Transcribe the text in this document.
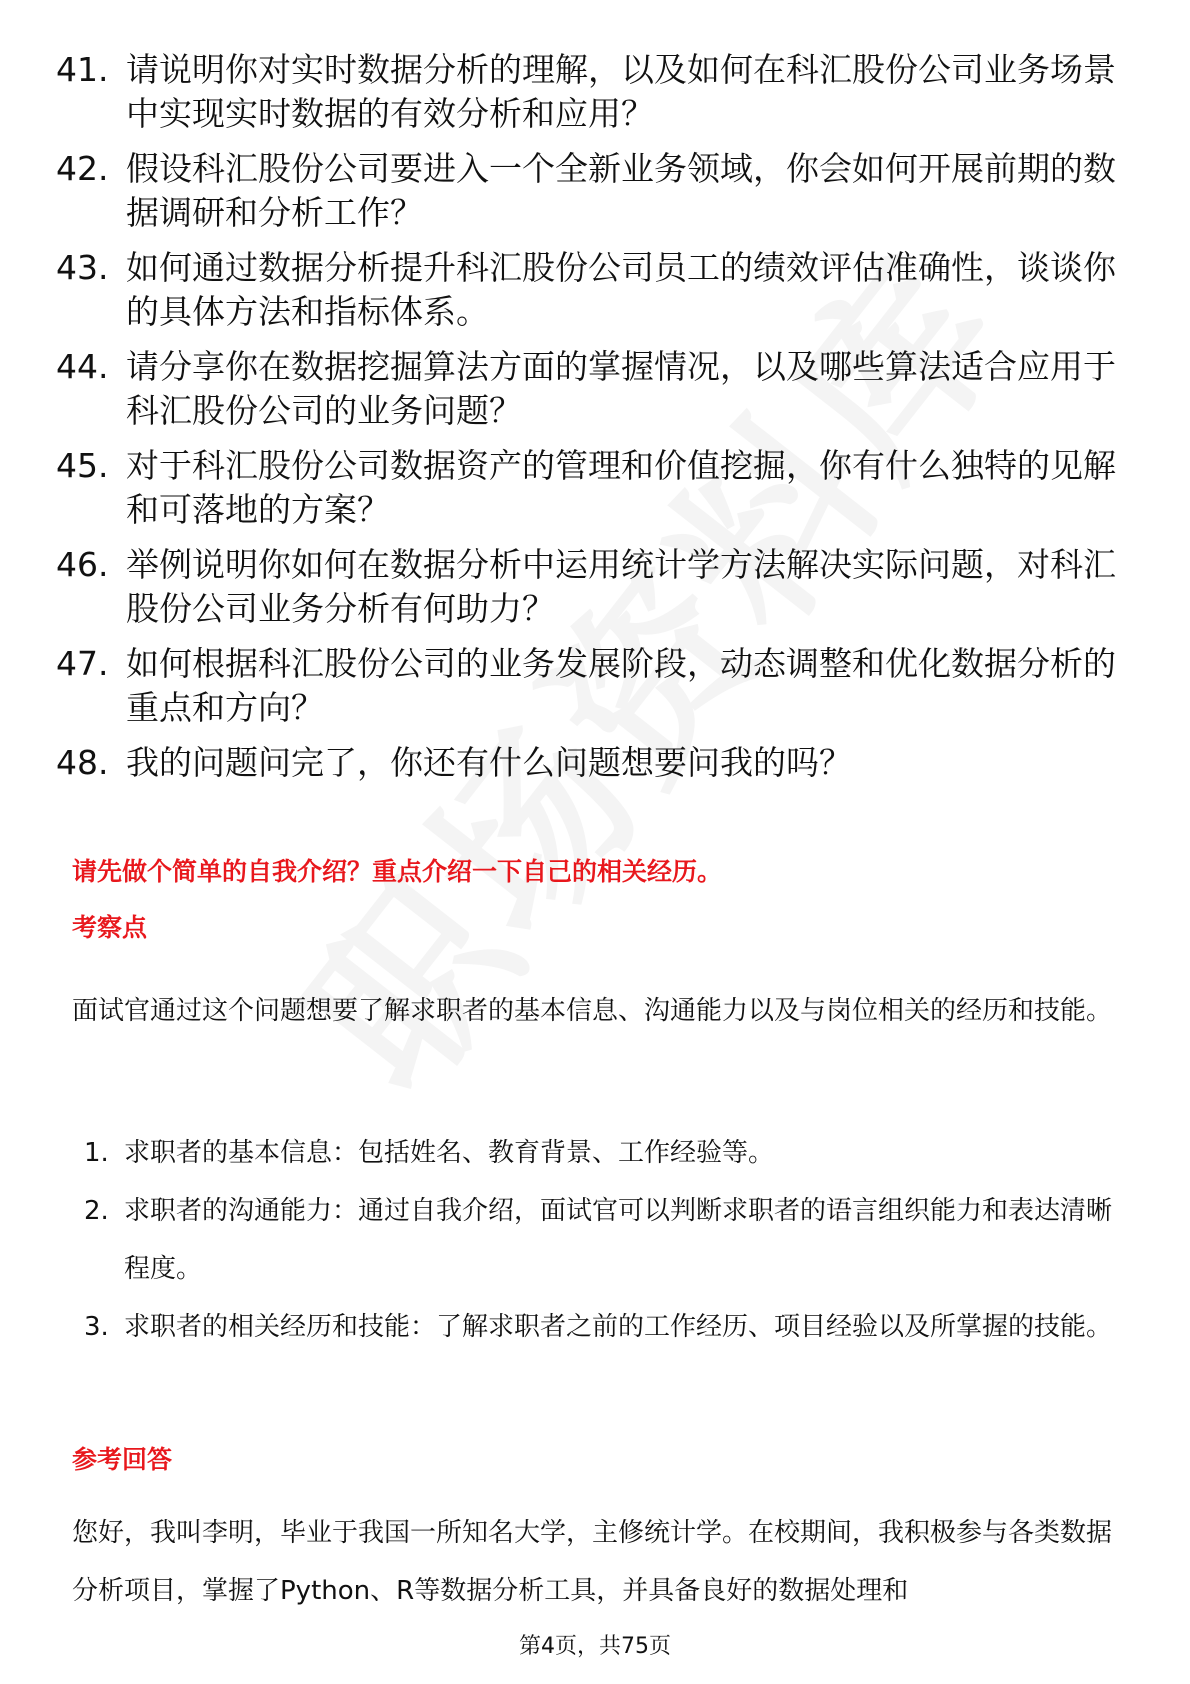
41. 请说明你对实时数据分析的理解，以及如何在科汇股份公司业务场景中实现实时数据的有效分析和应用？
42. 假设科汇股份公司要进入一个全新业务领域，你会如何开展前期的数据调研和分析工作？
43. 如何通过数据分析提升科汇股份公司员工的绩效评估准确性，谈谈你的具体方法和指标体系。
44. 请分享你在数据挖掘算法方面的掌握情况，以及哪些算法适合应用于科汇股份公司的业务问题？
45. 对于科汇股份公司数据资产的管理和价值挖掘，你有什么独特的见解和可落地的方案？
46. 举例说明你如何在数据分析中运用统计学方法解决实际问题，对科汇股份公司业务分析有何助力？
47. 如何根据科汇股份公司的业务发展阶段，动态调整和优化数据分析的重点和方向？
48. 我的问题问完了，你还有什么问题想要问我的吗？
请先做个简单的自我介绍？重点介绍一下自己的相关经历。
考察点
面试官通过这个问题想要了解求职者的基本信息、沟通能力以及与岗位相关的经历和技能。
1. 求职者的基本信息：包括姓名、教育背景、工作经验等。
2. 求职者的沟通能力：通过自我介绍，面试官可以判断求职者的语言组织能力和表达清晰程度。
3. 求职者的相关经历和技能：了解求职者之前的工作经历、项目经验以及所掌握的技能。
参考回答
您好，我叫李明，毕业于我国一所知名大学，主修统计学。在校期间，我积极参与各类数据分析项目，掌握了Python、R等数据分析工具，并具备良好的数据处理和
第4页，共75页
